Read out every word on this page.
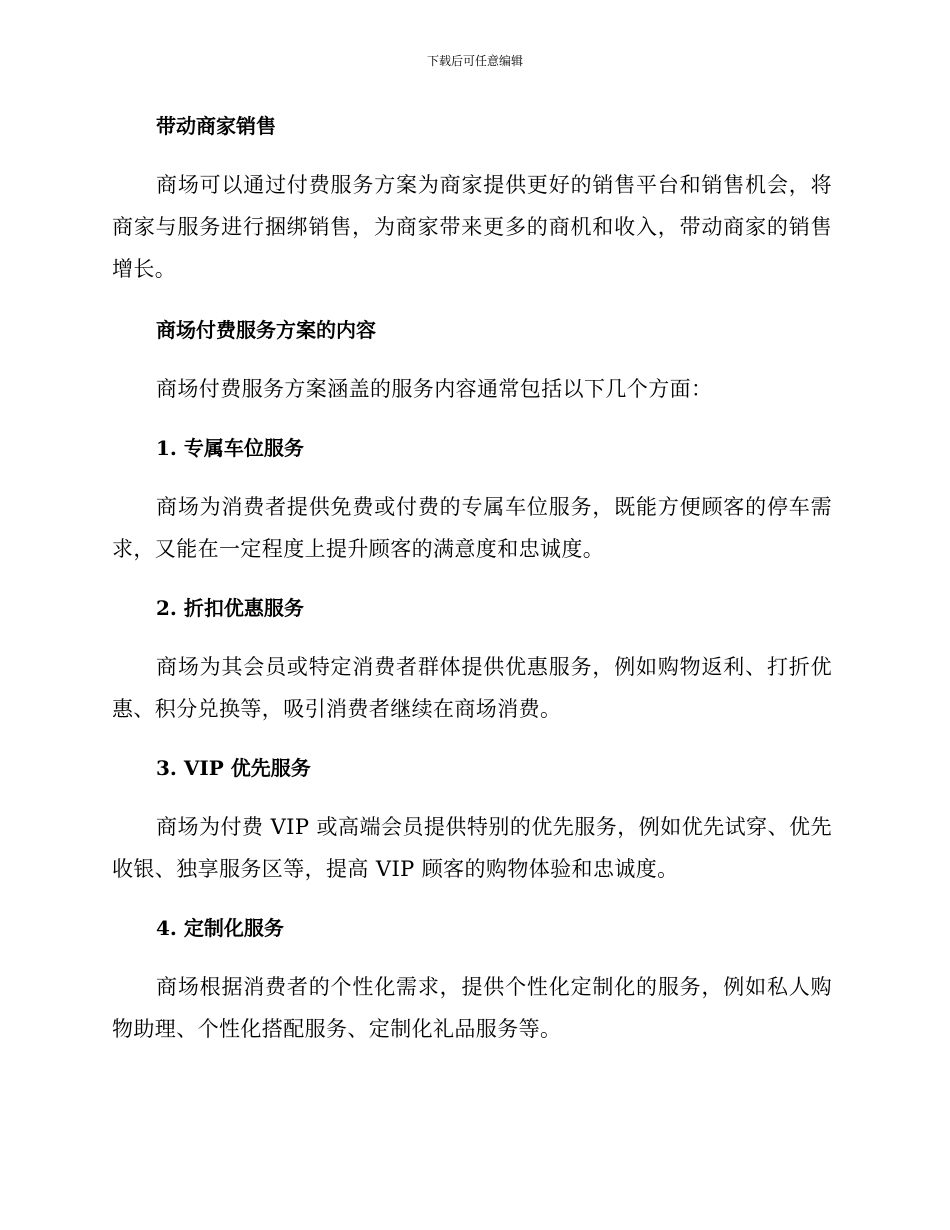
下载后可任意编辑
带动商家销售

商场可以通过付费服务方案为商家提供更好的销售平台和销售机会，将商家与服务进行捆绑销售，为商家带来更多的商机和收入，带动商家的销售增长。

商场付费服务方案的内容

商场付费服务方案涵盖的服务内容通常包括以下几个方面：

1. 专属车位服务

商场为消费者提供免费或付费的专属车位服务，既能方便顾客的停车需求，又能在一定程度上提升顾客的满意度和忠诚度。

2. 折扣优惠服务

商场为其会员或特定消费者群体提供优惠服务，例如购物返利、打折优惠、积分兑换等，吸引消费者继续在商场消费。

3. VIP 优先服务

商场为付费 VIP 或高端会员提供特别的优先服务，例如优先试穿、优先收银、独享服务区等，提高 VIP 顾客的购物体验和忠诚度。

4. 定制化服务

商场根据消费者的个性化需求，提供个性化定制化的服务，例如私人购物助理、个性化搭配服务、定制化礼品服务等。
